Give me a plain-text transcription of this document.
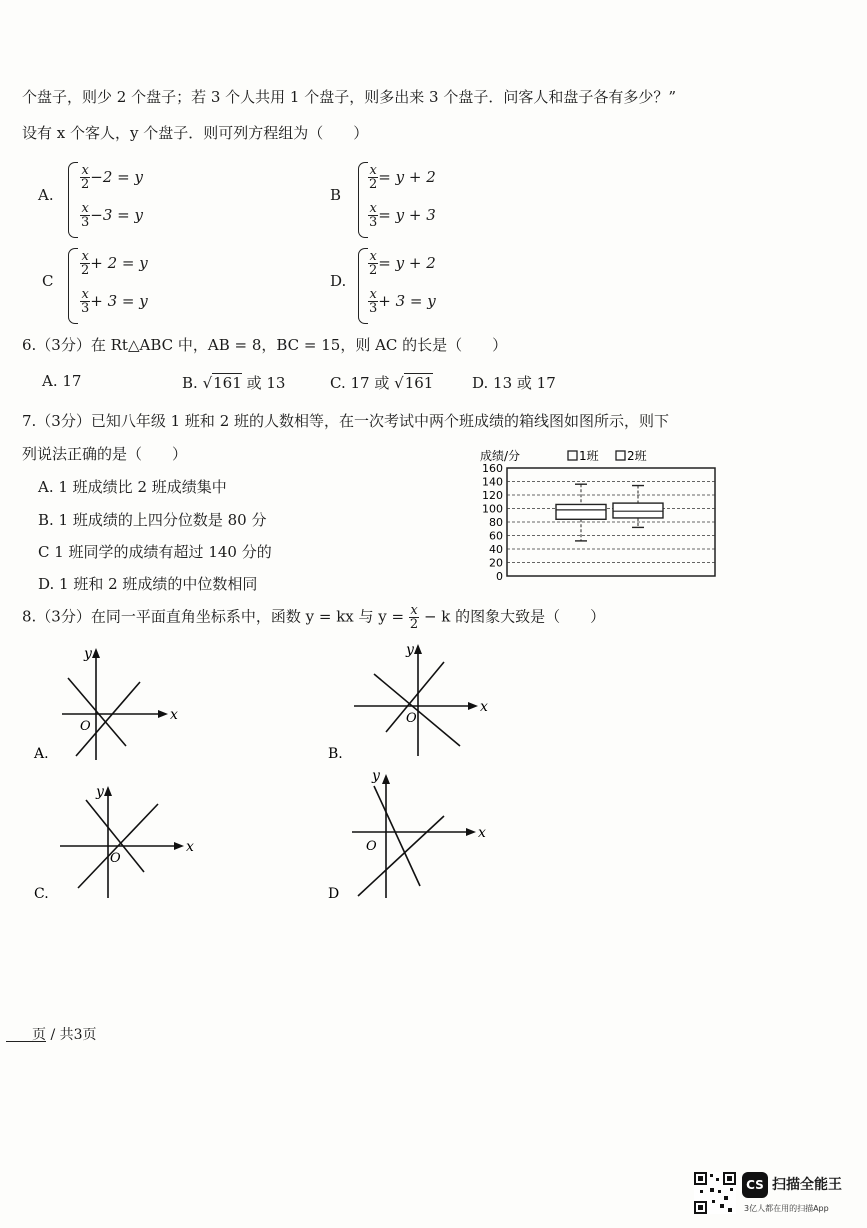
个盘子，则少 2 个盘子；若 3 个人共用 1 个盘子，则多出来 3 个盘子．问客人和盘子各有多少？”
设有 x 个客人，y 个盘子．则可列方程组为（　　）
A.
$\frac{x}{2} -2 = y$
$\frac{x}{3} -3 = y$
B
$\frac{x}{2} = y + 2$
$\frac{x}{3} = y + 3$
C
$\frac{x}{2} + 2 = y$
$\frac{x}{3} + 3 = y$
D.
$\frac{x}{2} = y + 2$
$\frac{x}{3} + 3 = y$
6.（3分）在 Rt△ABC 中，AB = 8，BC = 15，则 AC 的长是（　　）
A. 17	B. √161 或 13	C. 17 或 √161	D. 13 或 17
7.（3分）已知八年级 1 班和 2 班的人数相等，在一次考试中两个班成绩的箱线图如图所示，则下
列说法正确的是（　　）
A. 1 班成绩比 2 班成绩集中
B. 1 班成绩的上四分位数是 80 分
C 1 班同学的成绩有超过 140 分的
D. 1 班和 2 班成绩的中位数相同
成绩/分	1班 2班
0
20
40
60
80
100
120
140
160
8.（3分）在同一平面直角坐标系中，函数 y = kx 与 $y = \frac{x}{2} - k$ 的图象大致是（　　）
x
y
O
A.
x
y
O
B.
x
y
O
C.
x
y
O
D
页 / 共3页
CS 扫描全能王
3亿人都在用的扫描App
